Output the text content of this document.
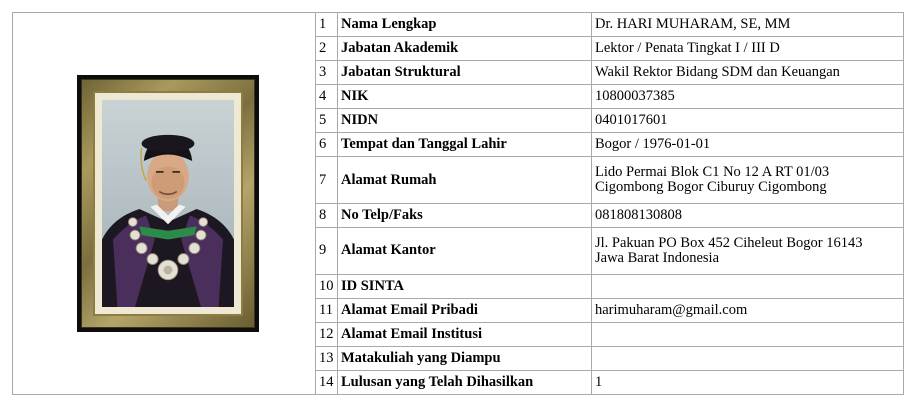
	1	Nama Lengkap	Dr. HARI MUHARAM, SE, MM
	2	Jabatan Akademik	Lektor / Penata Tingkat I / III D
	3	Jabatan Struktural	Wakil Rektor Bidang SDM dan Keuangan
	4	NIK	10800037385
	5	NIDN	0401017601
	6	Tempat dan Tanggal Lahir	Bogor / 1976-01-01
	7	Alamat Rumah	Lido Permai Blok C1 No 12 A RT 01/03
Cigombong Bogor Ciburuy Cigombong

	8	No Telp/Faks	081808130808
	9	Alamat Kantor	Jl. Pakuan PO Box 452 Ciheleut Bogor 16143
Jawa Barat Indonesia

	10	ID SINTA	
	11	Alamat Email Pribadi	harimuharam@gmail.com
	12	Alamat Email Institusi	
	13	Matakuliah yang Diampu	
	14	Lulusan yang Telah Dihasilkan	1
